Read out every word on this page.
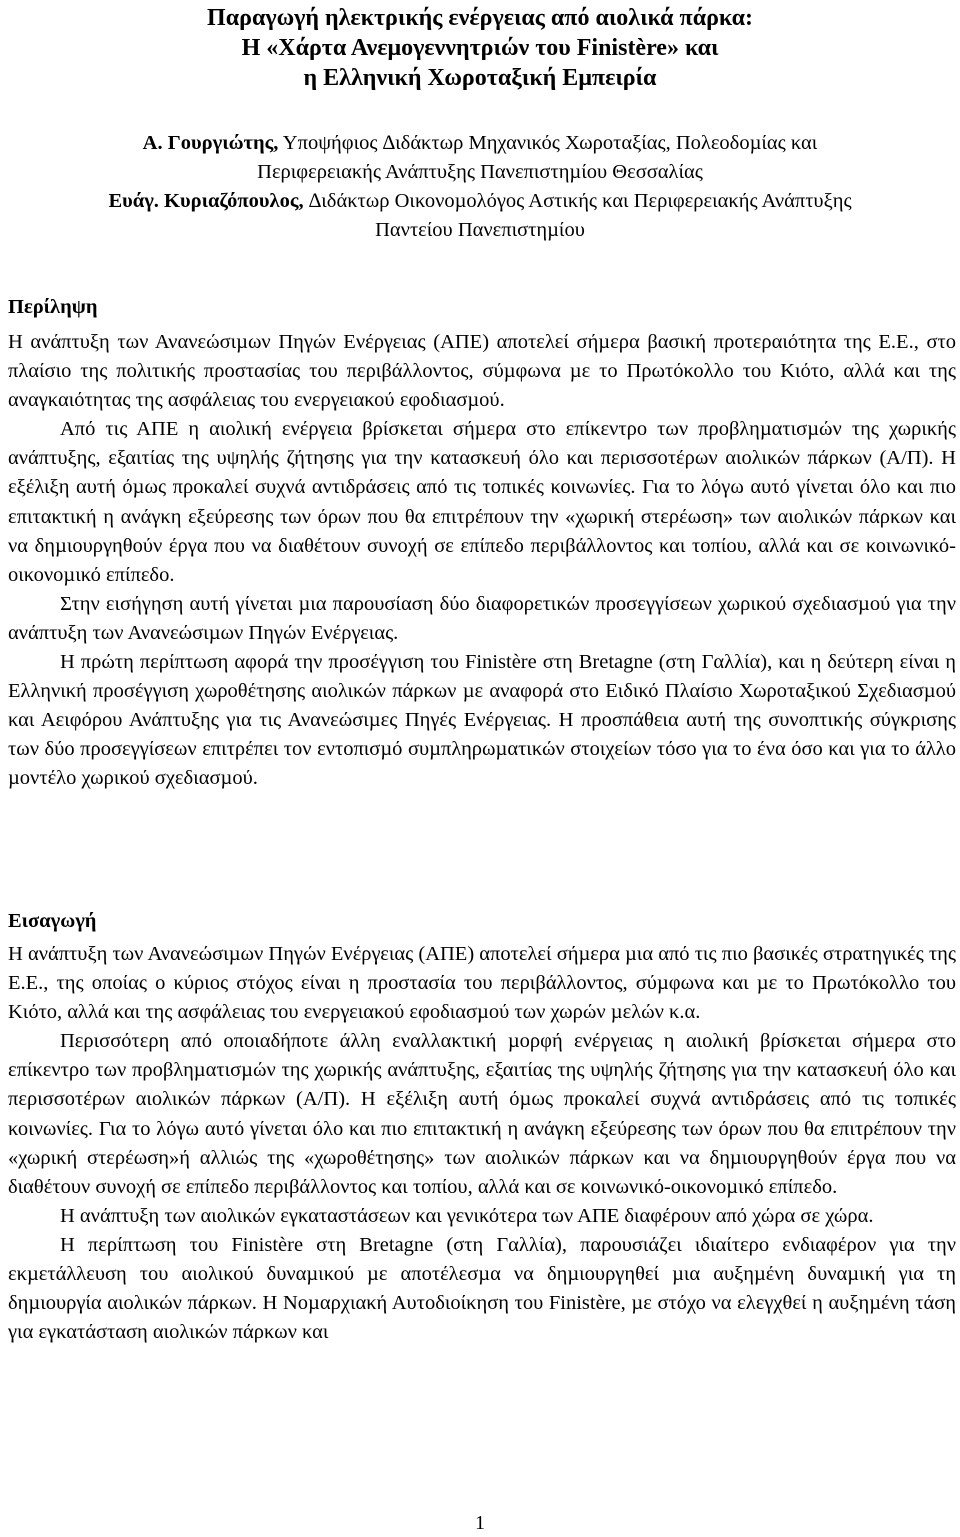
Παραγωγή ηλεκτρικής ενέργειας από αιολικά πάρκα:
Η «Χάρτα Ανεμογεννητριών του Finistère» και
η Ελληνική Χωροταξική Εμπειρία
Α. Γουργιώτης, Υποψήφιος ∆ιδάκτωρ Μηχανικός Χωροταξίας, Πολεοδοµίας και
Περιφερειακής Ανάπτυξης Πανεπιστηµίου Θεσσαλίας
Ευάγ. Κυριαζόπουλος, ∆ιδάκτωρ Οικονοµολόγος Αστικής και Περιφερειακής Ανάπτυξης
Παντείου Πανεπιστηµίου
Περίληψη

Η ανάπτυξη των Ανανεώσιµων Πηγών Ενέργειας (ΑΠΕ) αποτελεί σήµερα βασική προτεραιότητα της Ε.Ε., στο πλαίσιο της πολιτικής προστασίας του περιβάλλοντος, σύµφωνα µε το Πρωτόκολλο του Κιότο, αλλά και της αναγκαιότητας της ασφάλειας του ενεργειακού εφοδιασµού.

Από τις ΑΠΕ η αιολική ενέργεια βρίσκεται σήµερα στο επίκεντρο των προβληµατισµών της χωρικής ανάπτυξης, εξαιτίας της υψηλής ζήτησης για την κατασκευή όλο και περισσοτέρων αιολικών πάρκων (Α/Π). Η εξέλιξη αυτή όµως προκαλεί συχνά αντιδράσεις από τις τοπικές κοινωνίες. Για το λόγω αυτό γίνεται όλο και πιο επιτακτική η ανάγκη εξεύρεσης των όρων που θα επιτρέπουν την «χωρική στερέωση» των αιολικών πάρκων και να δηµιουργηθούν έργα που να διαθέτουν συνοχή σε επίπεδο περιβάλλοντος και τοπίου, αλλά και σε κοινωνικό-οικονοµικό επίπεδο.

Στην εισήγηση αυτή γίνεται µια παρουσίαση δύο διαφορετικών προσεγγίσεων χωρικού σχεδιασµού για την ανάπτυξη των Ανανεώσιµων Πηγών Ενέργειας.

Η πρώτη περίπτωση αφορά την προσέγγιση του Finistère στη Bretagne (στη Γαλλία), και η δεύτερη είναι η Ελληνική προσέγγιση χωροθέτησης αιολικών πάρκων µε αναφορά στο Ειδικό Πλαίσιο Χωροταξικού Σχεδιασµού και Αειφόρου Ανάπτυξης για τις Ανανεώσιµες Πηγές Ενέργειας. Η προσπάθεια αυτή της συνοπτικής σύγκρισης των δύο προσεγγίσεων επιτρέπει τον εντοπισµό συµπληρωµατικών στοιχείων τόσο για το ένα όσο και για το άλλο µοντέλο χωρικού σχεδιασµού.

Εισαγωγή

Η ανάπτυξη των Ανανεώσιµων Πηγών Ενέργειας (ΑΠΕ) αποτελεί σήµερα µια από τις πιο βασικές στρατηγικές της Ε.Ε., της οποίας ο κύριος στόχος είναι η προστασία του περιβάλλοντος, σύµφωνα και µε το Πρωτόκολλο του Κιότο, αλλά και της ασφάλειας του ενεργειακού εφοδιασµού των χωρών µελών κ.α.

Περισσότερη από οποιαδήποτε άλλη εναλλακτική µορφή ενέργειας η αιολική βρίσκεται σήµερα στο επίκεντρο των προβληµατισµών της χωρικής ανάπτυξης, εξαιτίας της υψηλής ζήτησης για την κατασκευή όλο και περισσοτέρων αιολικών πάρκων (Α/Π). Η εξέλιξη αυτή όµως προκαλεί συχνά αντιδράσεις από τις τοπικές κοινωνίες. Για το λόγω αυτό γίνεται όλο και πιο επιτακτική η ανάγκη εξεύρεσης των όρων που θα επιτρέπουν την «χωρική στερέωση»ή αλλιώς της «χωροθέτησης» των αιολικών πάρκων και να δηµιουργηθούν έργα που να διαθέτουν συνοχή σε επίπεδο περιβάλλοντος και τοπίου, αλλά και σε κοινωνικό-οικονοµικό επίπεδο.

Η ανάπτυξη των αιολικών εγκαταστάσεων και γενικότερα των ΑΠΕ διαφέρουν από χώρα σε χώρα.

Η περίπτωση του Finistère στη Bretagne (στη Γαλλία), παρουσιάζει ιδιαίτερο ενδιαφέρον για την εκµετάλλευση του αιολικού δυναµικού µε αποτέλεσµα να δηµιουργηθεί µια αυξηµένη δυναµική για τη δηµιουργία αιολικών πάρκων. Η Νοµαρχιακή Αυτοδιοίκηση του Finistère, µε στόχο να ελεγχθεί η αυξηµένη τάση για εγκατάσταση αιολικών πάρκων και

1
